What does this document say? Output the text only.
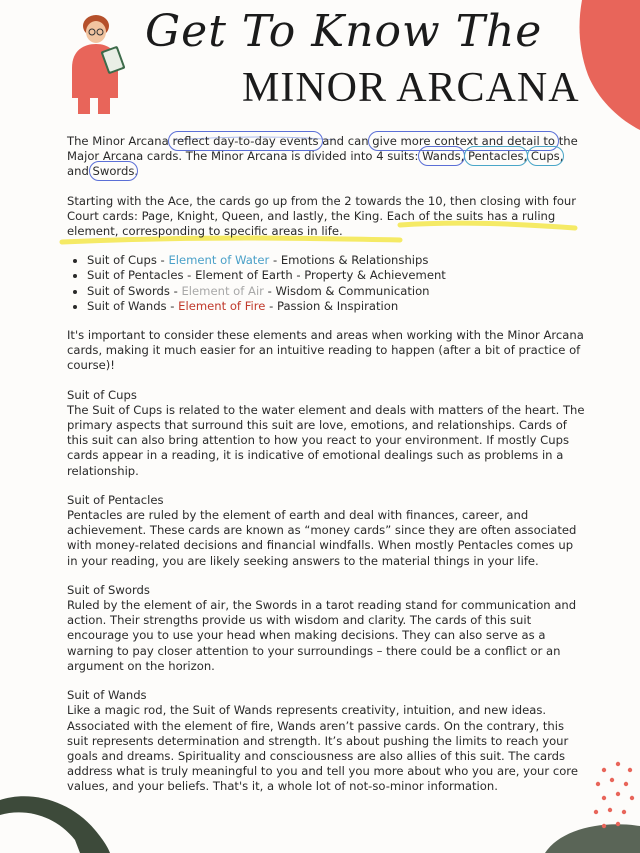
Get To Know The
MINOR ARCANA

The Minor Arcana reflect day-to-day events and can give more context and detail to the Major Arcana cards. The Minor Arcana is divided into 4 suits: Wands, Pentacles, Cups, and Swords.

Starting with the Ace, the cards go up from the 2 towards the 10, then closing with four Court cards: Page, Knight, Queen, and lastly, the King. Each of the suits has a ruling element, corresponding to specific areas in life.

• Suit of Cups - Element of Water - Emotions & Relationships
• Suit of Pentacles - Element of Earth - Property & Achievement
• Suit of Swords - Element of Air - Wisdom & Communication
• Suit of Wands - Element of Fire - Passion & Inspiration

It's important to consider these elements and areas when working with the Minor Arcana cards, making it much easier for an intuitive reading to happen (after a bit of practice of course)!

Suit of Cups

The Suit of Cups is related to the water element and deals with matters of the heart. The primary aspects that surround this suit are love, emotions, and relationships. Cards of this suit can also bring attention to how you react to your environment. If mostly Cups cards appear in a reading, it is indicative of emotional dealings such as problems in a relationship.

Suit of Pentacles

Pentacles are ruled by the element of earth and deal with finances, career, and achievement. These cards are known as “money cards” since they are often associated with money-related decisions and financial windfalls. When mostly Pentacles comes up in your reading, you are likely seeking answers to the material things in your life.

Suit of Swords

Ruled by the element of air, the Swords in a tarot reading stand for communication and action. Their strengths provide us with wisdom and clarity. The cards of this suit encourage you to use your head when making decisions. They can also serve as a warning to pay closer attention to your surroundings – there could be a conflict or an argument on the horizon.

Suit of Wands

Like a magic rod, the Suit of Wands represents creativity, intuition, and new ideas. Associated with the element of fire, Wands aren’t passive cards. On the contrary, this suit represents determination and strength. It’s about pushing the limits to reach your goals and dreams. Spirituality and consciousness are also allies of this suit. The cards address what is truly meaningful to you and tell you more about who you are, your core values, and your beliefs. That's it, a whole lot of not-so-minor information.
